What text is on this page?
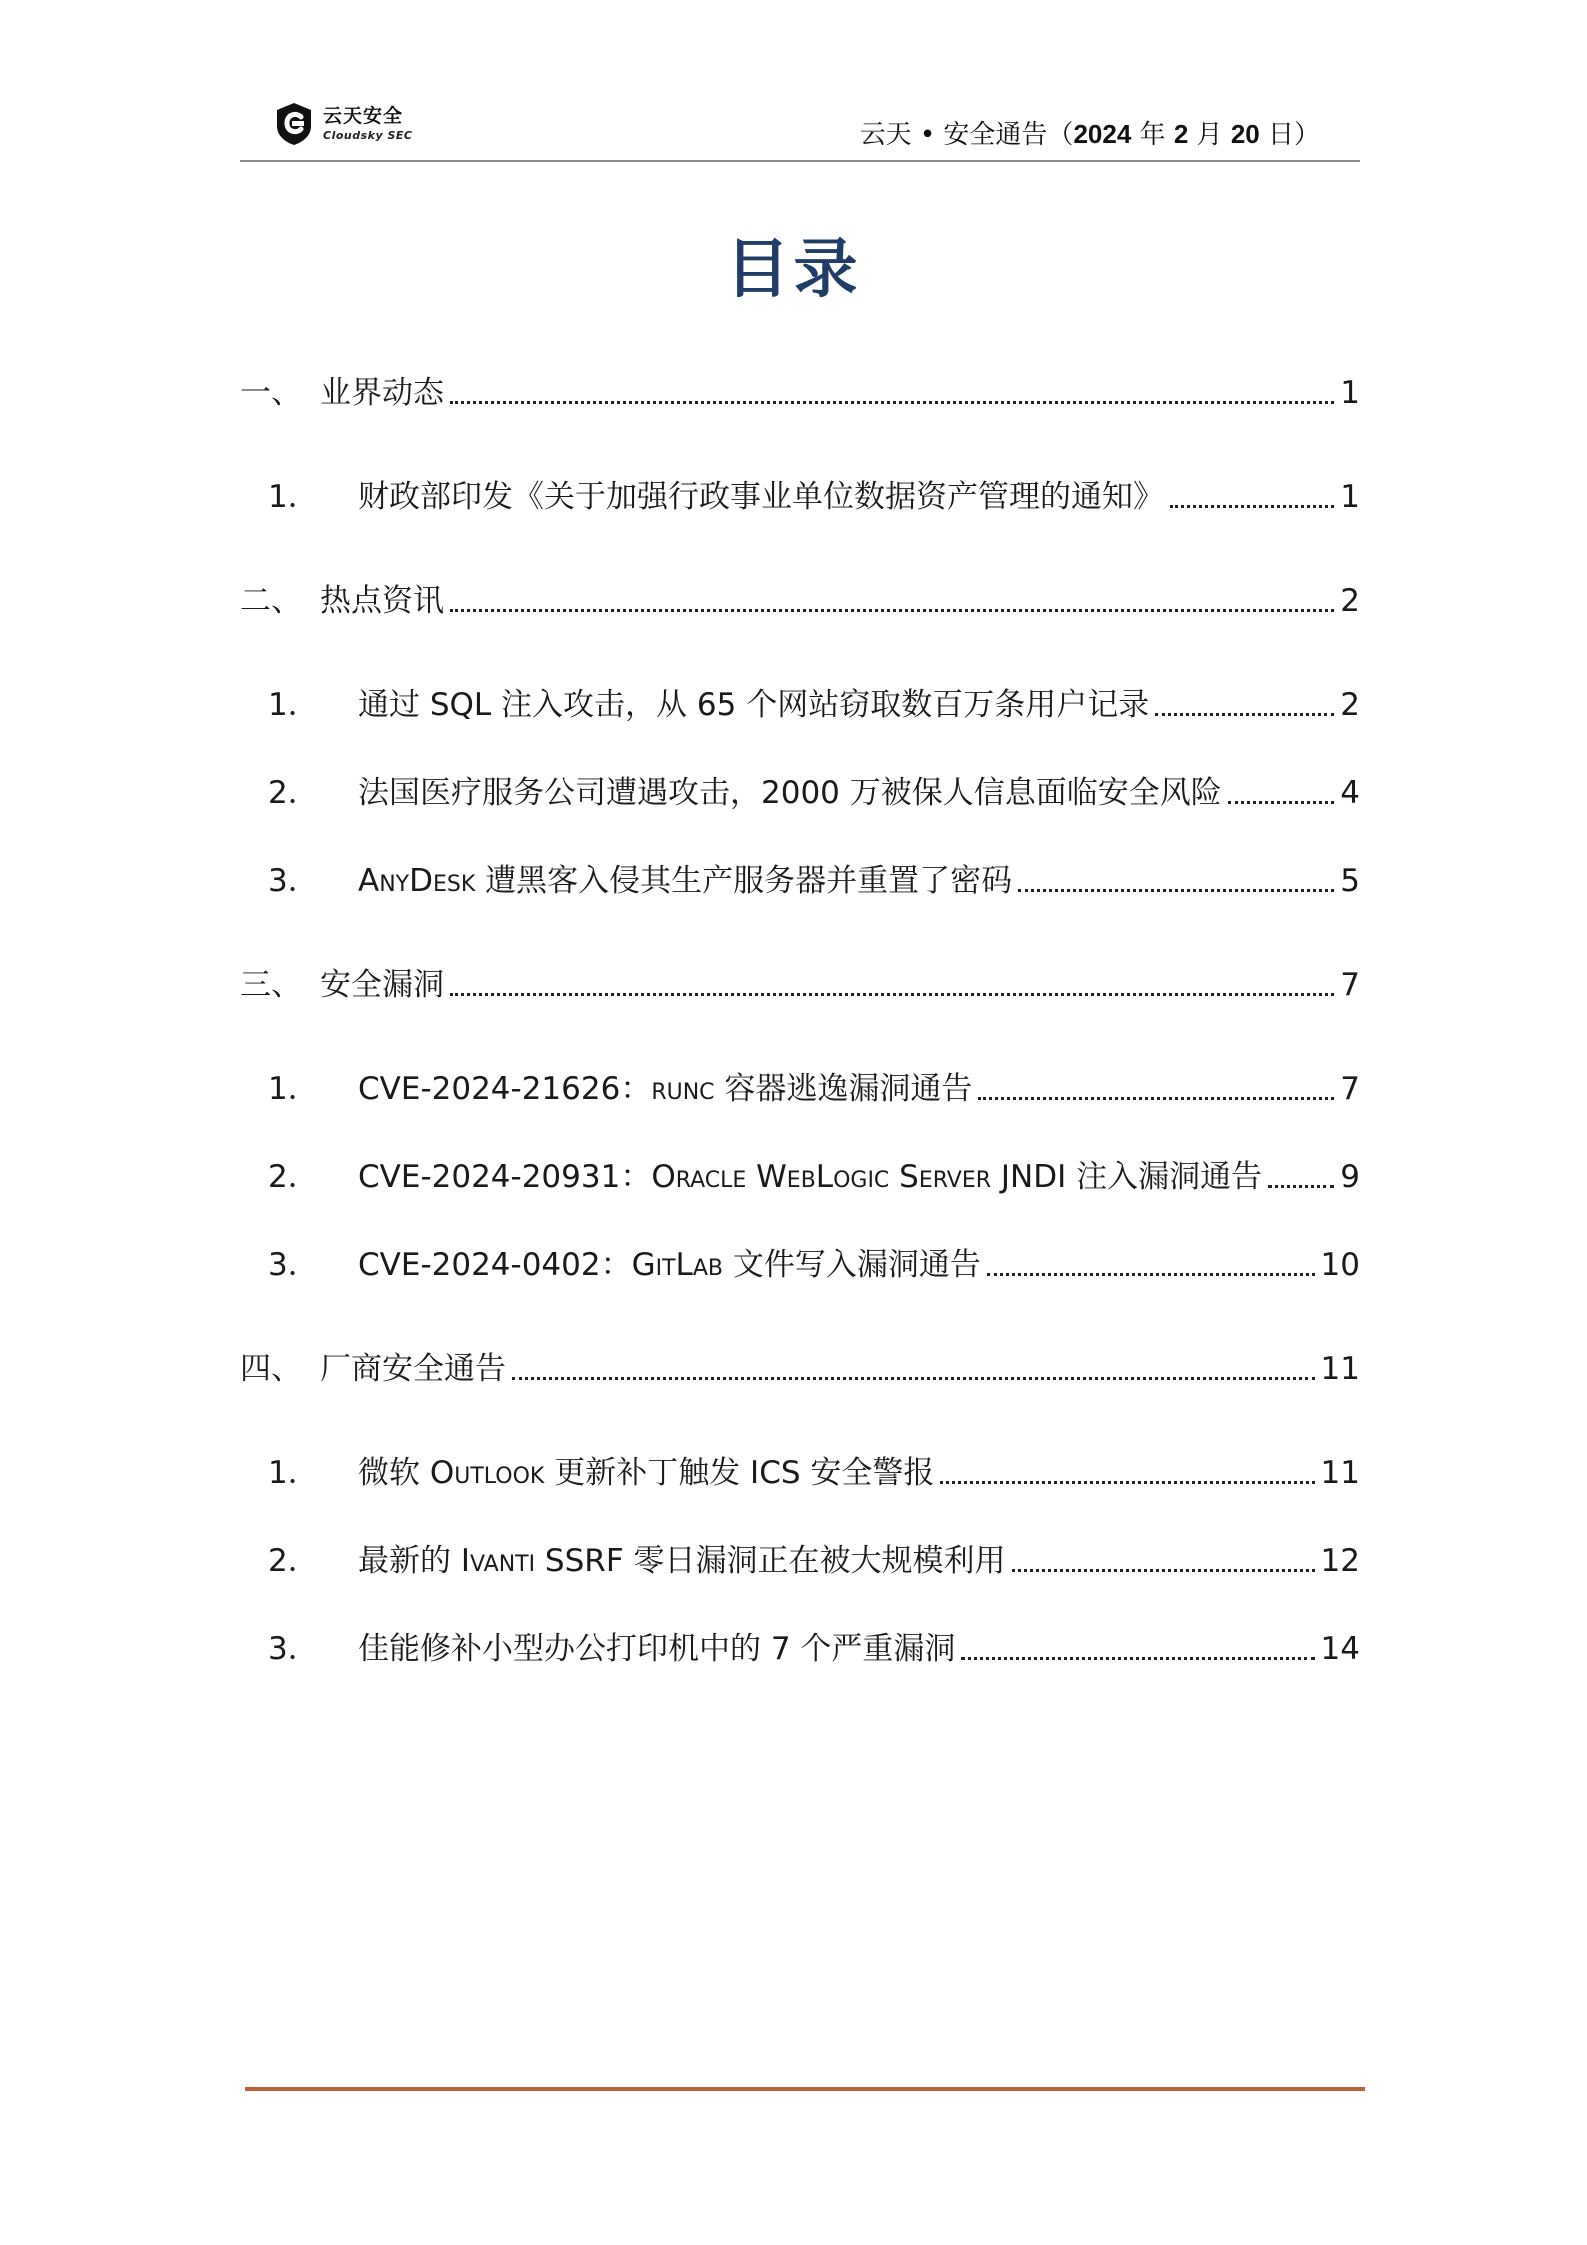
云天安全
Cloudsky SEC	云天 • 安全通告（2024 年 2 月 20 日）
目录
一、 业界动态	1
1．	财政部印发《关于加强行政事业单位数据资产管理的通知》	1
二、 热点资讯	2
1．	通过 SQL 注入攻击，从 65 个网站窃取数百万条用户记录	2
2．	法国医疗服务公司遭遇攻击，2000 万被保人信息面临安全风险	4
3．	AnyDesk 遭黑客入侵其生产服务器并重置了密码	5
三、 安全漏洞	7
1．	CVE-2024-21626：runc 容器逃逸漏洞通告	7
2．	CVE-2024-20931：Oracle WebLogic Server JNDI 注入漏洞通告	9
3．	CVE-2024-0402：GitLab 文件写入漏洞通告	10
四、 厂商安全通告	11
1．	微软 Outlook 更新补丁触发 ICS 安全警报	11
2．	最新的 Ivanti SSRF 零日漏洞正在被大规模利用	12
3．	佳能修补小型办公打印机中的 7 个严重漏洞	14
